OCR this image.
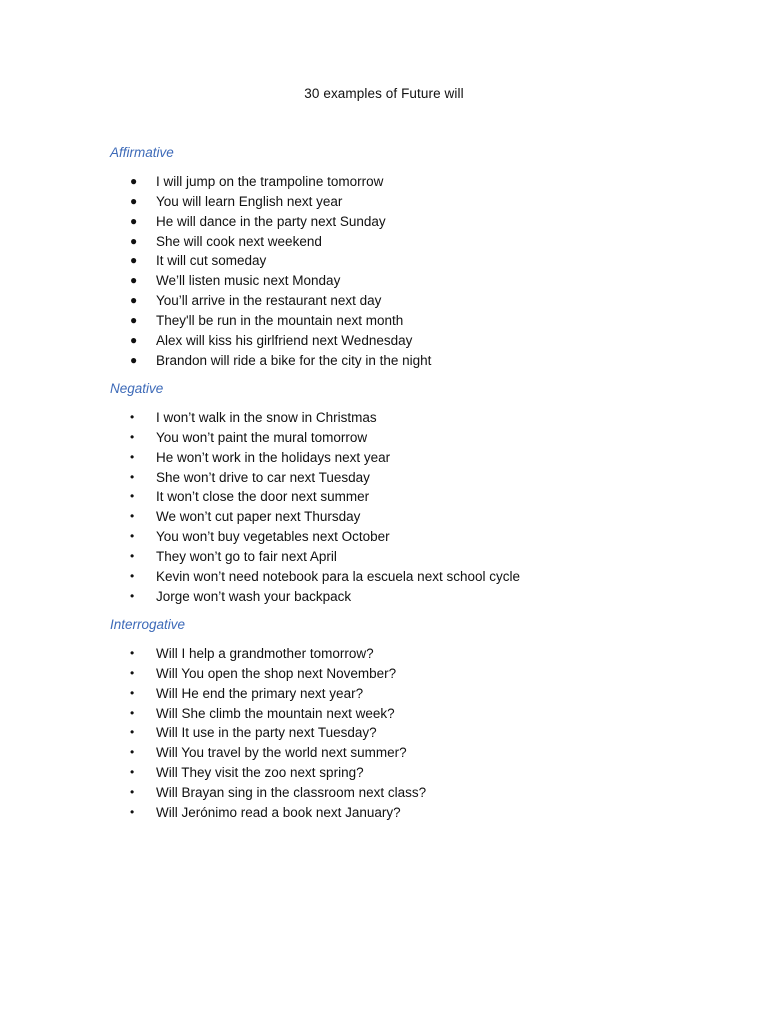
30 examples of Future will
Affirmative
● I will jump on the trampoline tomorrow
● You will learn English next year
● He will dance in the party next Sunday
● She will cook next weekend
● It will cut someday
● We’ll listen music next Monday
● You’ll arrive in the restaurant next day
● They'll be run in the mountain next month
● Alex will kiss his girlfriend next Wednesday
● Brandon will ride a bike for the city in the night
Negative
• I won’t walk in the snow in Christmas
• You won’t paint the mural tomorrow
• He won’t work in the holidays next year
• She won’t drive to car next Tuesday
• It won’t close the door next summer
• We won’t cut paper next Thursday
• You won’t buy vegetables next October
• They won’t go to fair next April
• Kevin won’t need notebook para la escuela next school cycle
• Jorge won’t wash your backpack
Interrogative
• Will I help a grandmother tomorrow?
• Will You open the shop next November?
• Will He end the primary next year?
• Will She climb the mountain next week?
• Will It use in the party next Tuesday?
• Will You travel by the world next summer?
• Will They visit the zoo next spring?
• Will Brayan sing in the classroom next class?
• Will Jerónimo read a book next January?
